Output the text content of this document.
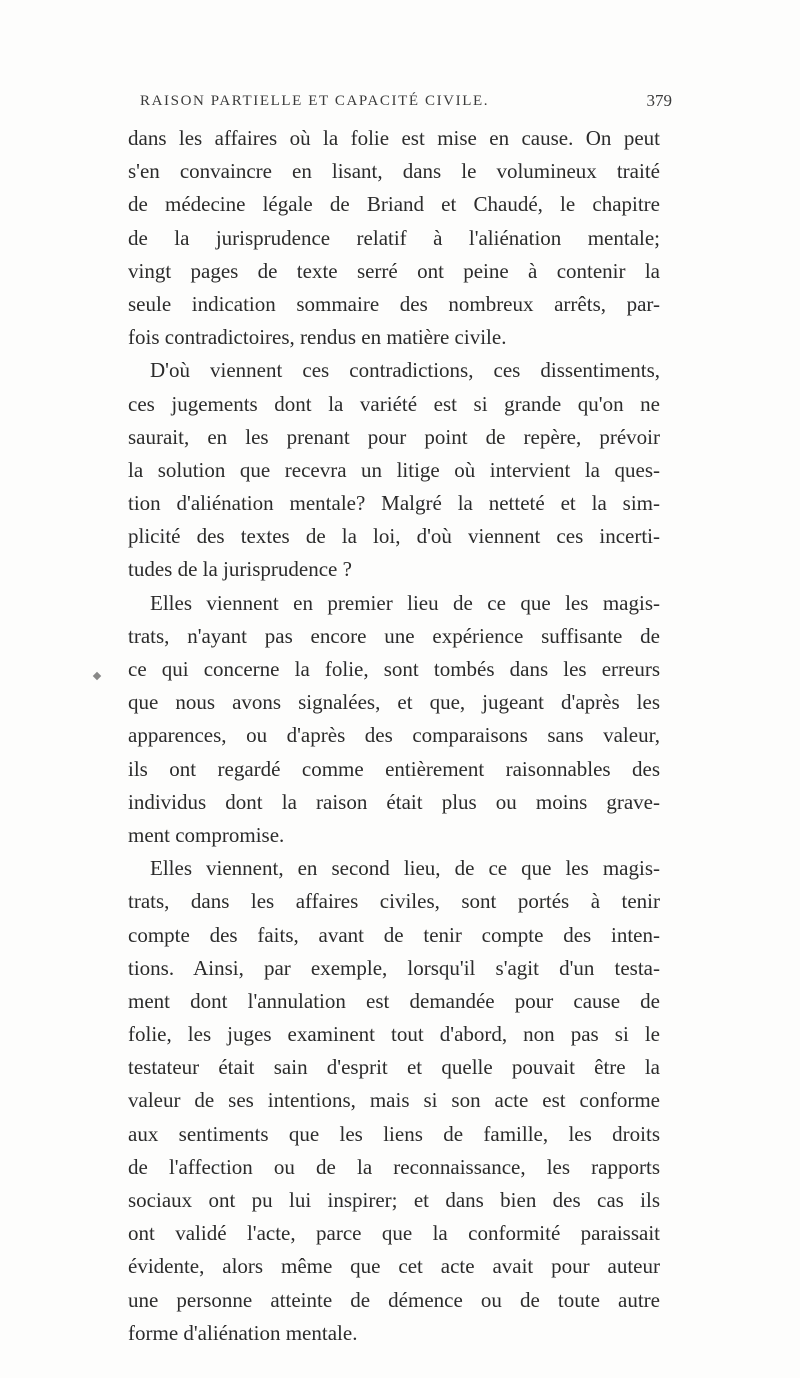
RAISON PARTIELLE ET CAPACITÉ CIVILE.	379
dans les affaires où la folie est mise en cause. On peut
s'en convaincre en lisant, dans le volumineux traité
de médecine légale de Briand et Chaudé, le chapitre
de la jurisprudence relatif à l'aliénation mentale;
vingt pages de texte serré ont peine à contenir la
seule indication sommaire des nombreux arrêts, par-
fois contradictoires, rendus en matière civile.
D'où viennent ces contradictions, ces dissentiments,
ces jugements dont la variété est si grande qu'on ne
saurait, en les prenant pour point de repère, prévoir
la solution que recevra un litige où intervient la ques-
tion d'aliénation mentale? Malgré la netteté et la sim-
plicité des textes de la loi, d'où viennent ces incerti-
tudes de la jurisprudence ?
Elles viennent en premier lieu de ce que les magis-
trats, n'ayant pas encore une expérience suffisante de
ce qui concerne la folie, sont tombés dans les erreurs
que nous avons signalées, et que, jugeant d'après les
apparences, ou d'après des comparaisons sans valeur,
ils ont regardé comme entièrement raisonnables des
individus dont la raison était plus ou moins grave-
ment compromise.
Elles viennent, en second lieu, de ce que les magis-
trats, dans les affaires civiles, sont portés à tenir
compte des faits, avant de tenir compte des inten-
tions. Ainsi, par exemple, lorsqu'il s'agit d'un testa-
ment dont l'annulation est demandée pour cause de
folie, les juges examinent tout d'abord, non pas si le
testateur était sain d'esprit et quelle pouvait être la
valeur de ses intentions, mais si son acte est conforme
aux sentiments que les liens de famille, les droits
de l'affection ou de la reconnaissance, les rapports
sociaux ont pu lui inspirer; et dans bien des cas ils
ont validé l'acte, parce que la conformité paraissait
évidente, alors même que cet acte avait pour auteur
une personne atteinte de démence ou de toute autre
forme d'aliénation mentale.
